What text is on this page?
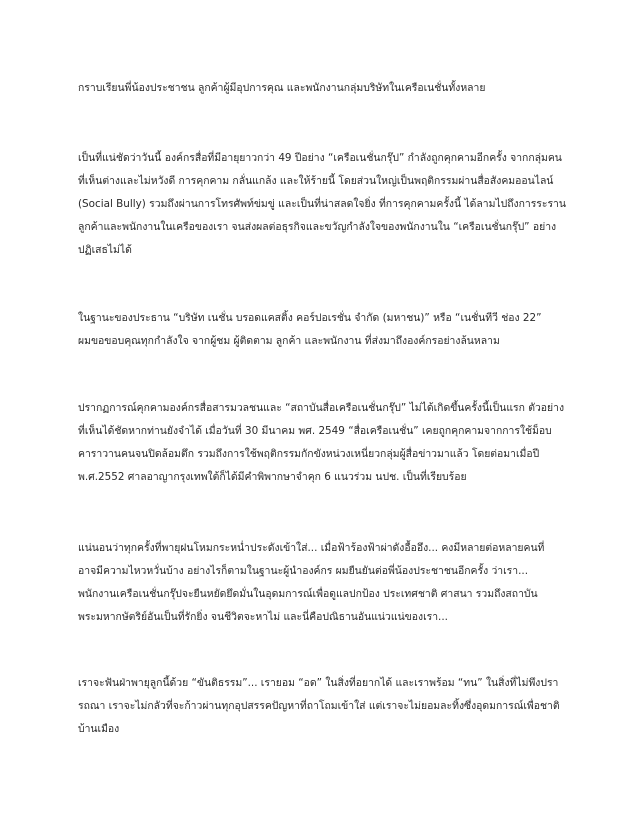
กราบเรียนพี่น้องประชาชน ลูกค้าผู้มีอุปการคุณ และพนักงานกลุ่มบริษัทในเครือเนชั่นทั้งหลาย
เป็นที่แน่ชัดว่าวันนี้ องค์กรสื่อที่มีอายุยาวกว่า 49 ปีอย่าง “เครือเนชั่นกรุ๊ป” กำลังถูกคุกคามอีกครั้ง จากกลุ่มคน
ที่เห็นต่างและไม่หวังดี การคุกคาม กลั่นแกล้ง และให้ร้ายนี้ โดยส่วนใหญ่เป็นพฤติกรรมผ่านสื่อสังคมออนไลน์
(Social Bully) รวมถึงผ่านการโทรศัพท์ข่มขู่ และเป็นที่น่าสลดใจยิ่ง ที่การคุกคามครั้งนี้ ได้ลามไปถึงการระราน
ลูกค้าและพนักงานในเครือของเรา จนส่งผลต่อธุรกิจและขวัญกำลังใจของพนักงานใน “เครือเนชั่นกรุ๊ป” อย่าง
ปฏิเสธไม่ได้
ในฐานะของประธาน “บริษัท เนชั่น บรอดแคสติ้ง คอร์ปอเรชั่น จำกัด (มหาชน)” หรือ “เนชั่นทีวี ช่อง 22”
ผมขอขอบคุณทุกกำลังใจ จากผู้ชม ผู้ติดตาม ลูกค้า และพนักงาน ที่ส่งมาถึงองค์กรอย่างล้นหลาม
ปรากฏการณ์คุกคามองค์กรสื่อสารมวลชนและ “สถาบันสื่อเครือเนชั่นกรุ๊ป” ไม่ได้เกิดขึ้นครั้งนี้เป็นแรก ตัวอย่าง
ที่เห็นได้ชัดหากท่านยังจำได้ เมื่อวันที่ 30 มีนาคม พศ. 2549 “สื่อเครือเนชั่น” เคยถูกคุกคามจากการใช้ม็อบ
คาราวานคนจนปิดล้อมตึก รวมถึงการใช้พฤติกรรมกักขังหน่วงเหนี่ยวกลุ่มผู้สื่อข่าวมาแล้ว โดยต่อมาเมื่อปี
พ.ศ.2552 ศาลอาญากรุงเทพใต้ก็ได้มีคำพิพากษาจำคุก 6 แนวร่วม นปช. เป็นที่เรียบร้อย
แน่นอนว่าทุกครั้งที่พายุฝนโหมกระหน่ำประดังเข้าใส่... เมื่อฟ้าร้องฟ้าผ่าดังอื้ออึง... คงมีหลายต่อหลายคนที่
อาจมีความไหวหวั่นบ้าง อย่างไรก็ตามในฐานะผู้นำองค์กร ผมยืนยันต่อพี่น้องประชาชนอีกครั้ง ว่าเรา...
พนักงานเครือเนชั่นกรุ๊ปจะยืนหยัดยึดมั่นในอุดมการณ์เพื่อดูแลปกป้อง ประเทศชาติ ศาสนา รวมถึงสถาบัน
พระมหากษัตริย์อันเป็นที่รักยิ่ง จนชีวิตจะหาไม่ และนี่คือปณิธานอันแน่วแน่ของเรา...
เราจะฟันฝ่าพายุลูกนี้ด้วย “ขันติธรรม”... เรายอม “อด” ในสิ่งที่อยากได้ และเราพร้อม “ทน” ในสิ่งที่ไม่พึงปรา
รถณา เราจะไม่กลัวที่จะก้าวผ่านทุกอุปสรรคปัญหาที่ถาโถมเข้าใส่ แต่เราจะไม่ยอมละทิ้งซึ่งอุดมการณ์เพื่อชาติ
บ้านเมือง
